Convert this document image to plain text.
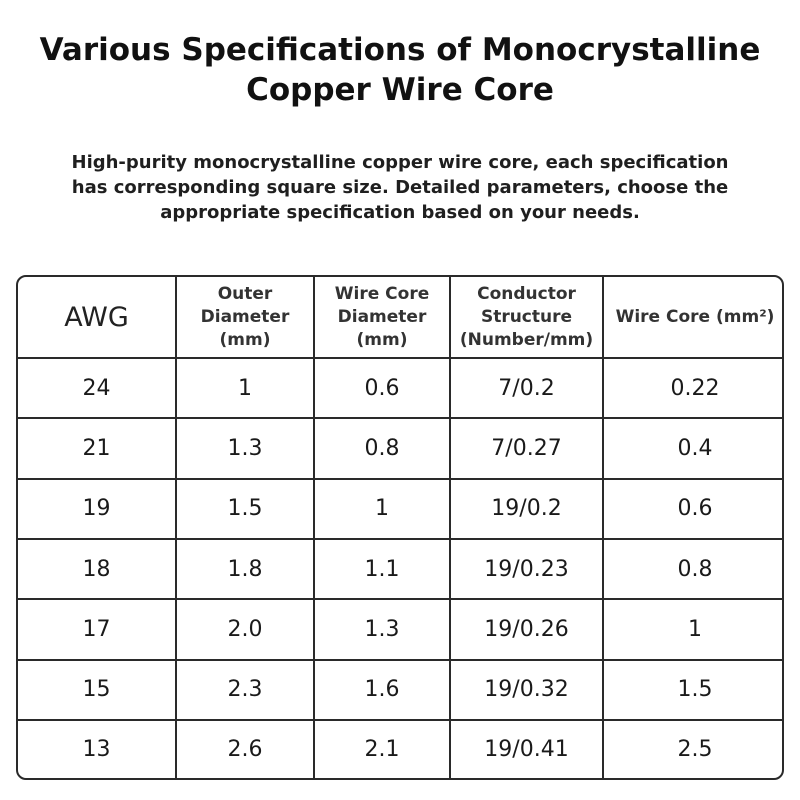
Various Specifications of Monocrystalline
Copper Wire Core

High-purity monocrystalline copper wire core, each specification has corresponding square size. Detailed parameters, choose the appropriate specification based on your needs.

AWG	Outer Diameter (mm)	Wire Core Diameter (mm)	Conductor Structure (Number/mm)	Wire Core (mm²)
24	1	0.6	7/0.2	0.22
21	1.3	0.8	7/0.27	0.4
19	1.5	1	19/0.2	0.6
18	1.8	1.1	19/0.23	0.8
17	2.0	1.3	19/0.26	1
15	2.3	1.6	19/0.32	1.5
13	2.6	2.1	19/0.41	2.5
